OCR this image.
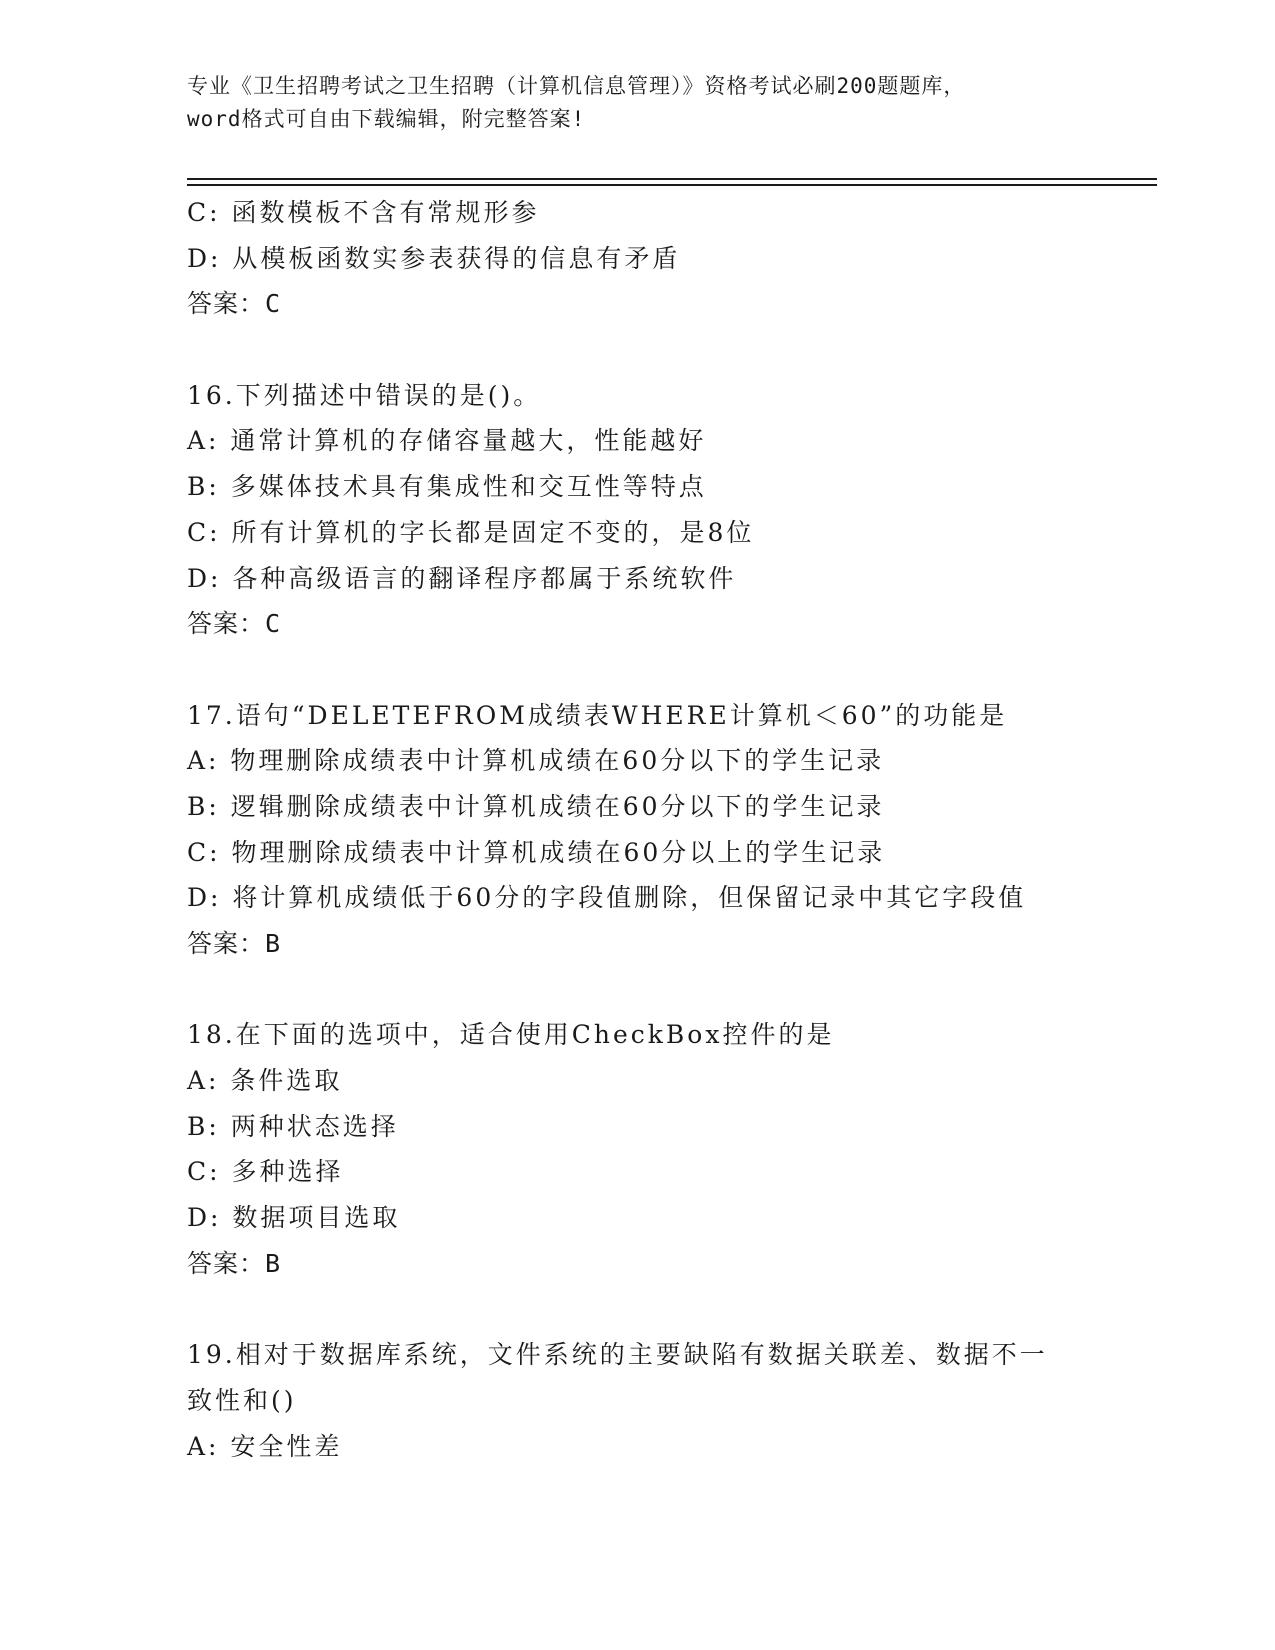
专业《卫生招聘考试之卫生招聘（计算机信息管理）》资格考试必刷200题题库，
word格式可自由下载编辑，附完整答案!
C: 函数模板不含有常规形参
D: 从模板函数实参表获得的信息有矛盾
答案：C
16.下列描述中错误的是()。
A: 通常计算机的存储容量越大，性能越好
B: 多媒体技术具有集成性和交互性等特点
C: 所有计算机的字长都是固定不变的，是8位
D: 各种高级语言的翻译程序都属于系统软件
答案：C
17.语句“DELETEFROM成绩表WHERE计算机＜60”的功能是
A: 物理删除成绩表中计算机成绩在60分以下的学生记录
B: 逻辑删除成绩表中计算机成绩在60分以下的学生记录
C: 物理删除成绩表中计算机成绩在60分以上的学生记录
D: 将计算机成绩低于60分的字段值删除，但保留记录中其它字段值
答案：B
18.在下面的选项中，适合使用CheckBox控件的是
A: 条件选取
B: 两种状态选择
C: 多种选择
D: 数据项目选取
答案：B
19.相对于数据库系统，文件系统的主要缺陷有数据关联差、数据不一
致性和()
A: 安全性差
